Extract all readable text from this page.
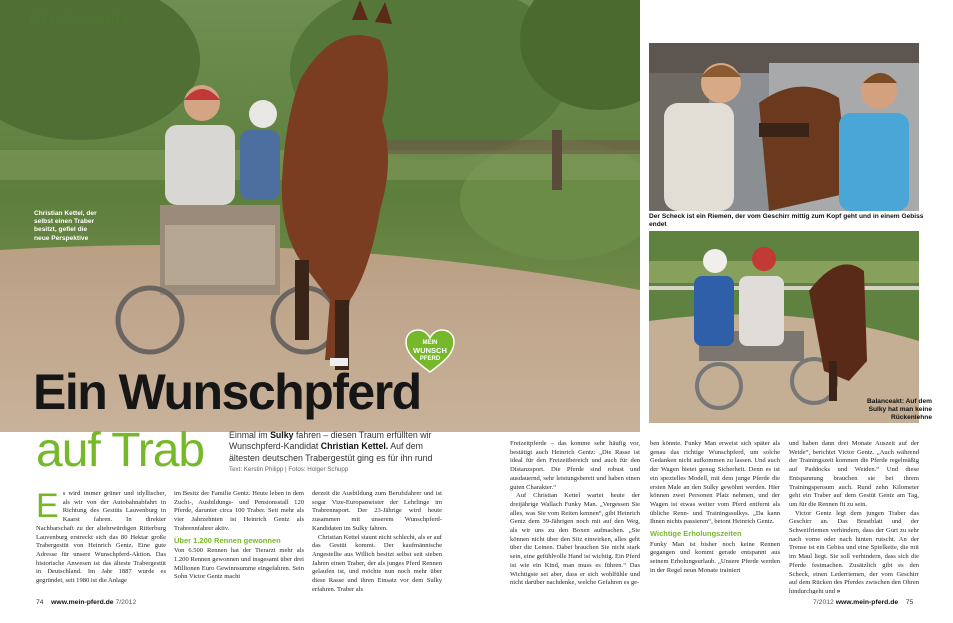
PFERDEMENSCHEN
Christian Kettel, der selbst einen Traber besitzt, gefiel die neue Perspektive
Der Scheck ist ein Riemen, der vom Geschirr mittig zum Kopf geht und in einem Gebiss endet
Balanceakt: Auf dem Sulky hat man keine Rückenlehne
MEIN
WUNSCH
PFERD
Ein Wunschpferd
auf Trab	Einmal im Sulky fahren – diesen Traum erfüllten wir Wunschpferd-Kandidat Christian Kettel. Auf dem ältesten deutschen Trabergestüt ging es für ihn rund
Text: Kerstin Philipp | Fotos: Holger Schupp
E s wird immer grüner und idyllischer, als wir von der Autobahnabfahrt in Richtung des Gestüts Lauvenburg in Kaarst fahren. In direkter Nachbarschaft zu der altehrwürdigen Ritterburg Lauvenburg erstreckt sich das 80 Hektar große Trabergestüt von Heinrich Gentz. Eine gute Adresse für unsere Wunschpferd-Aktion. Das historische Anwesen ist das älteste Trabergestüt in Deutschland. Im Jahr 1887 wurde es gegründet, seit 1980 ist die Anlage

im Besitz der Familie Gentz. Heute leben in dem Zucht-, Ausbildungs- und Pensionsstall 120 Pferde, darunter circa 100 Traber. Seit mehr als vier Jahrzehnten ist Heinrich Gentz als Trabrennfahrer aktiv.

Über 1.200 Rennen gewonnen

Von 6.500 Rennen hat der Tierarzt mehr als 1.200 Rennen gewonnen und insgesamt über drei Millionen Euro Gewinnsumme eingefahren. Sein Sohn Victor Gentz macht

derzeit die Ausbildung zum Berufsfahrer und ist sogar Vize-Europameister der Lehrlinge im Trabrennsport. Der 23-Jährige wird heute zusammen mit unserem Wunschpferd-Kandidaten im Sulky fahren.

Christian Kettel staunt nicht schlecht, als er auf das Gestüt kommt. Der kaufmännische Angestellte aus Willich besitzt selbst seit sieben Jahren einen Traber, der als junges Pferd Rennen gelaufen ist, und möchte nun noch mehr über diese Rasse und ihren Einsatz vor dem Sulky erfahren. Traber als

Freizeitpferde – das komme sehr häufig vor, bestätigt auch Heinrich Gentz: „Die Rasse ist ideal für den Freizeitbereich und auch für den Distanzsport. Die Pferde sind robust und ausdauernd, sehr leistungsbereit und haben einen guten Charakter.“

Auf Christian Kettel wartet heute der dreijährige Wallach Funky Man. „Vergessen Sie alles, was Sie vom Reiten kennen“, gibt Heinrich Gentz dem 39-Jährigen noch mit auf den Weg, als wir uns zu den Boxen aufmachen. „Sie können nicht über den Sitz einwirken, alles geht über die Leinen. Dabei brauchen Sie nicht stark sein, eine gefühlvolle Hand ist wichtig. Ein Pferd ist wie ein Kind, man muss es führen.“ Das Wichtigste sei aber, dass er sich wohlfühle und nicht darüber nachdenke, welche Gefahren es ge-

ben könnte. Funky Man erweist sich später als genau das richtige Wunschpferd, um solche Gedanken nicht aufkommen zu lassen. Und auch der Wagen bietet genug Sicherheit. Denn es ist ein spezielles Modell, mit dem junge Pferde die ersten Male an den Sulky gewöhnt werden. Hier können zwei Personen Platz nehmen, und der Wagen ist etwas weiter vom Pferd entfernt als übliche Renn- und Trainingssulkys. „Da kann Ihnen nichts passieren“, betont Heinrich Gentz.

Wichtige Erholungszeiten

Funky Man ist bisher noch keine Rennen gegangen und kommt gerade entspannt aus seinem Erholungsurlaub. „Unsere Pferde werden in der Regel neun Monate trainiert

und haben dann drei Monate Auszeit auf der Weide“, berichtet Victor Gentz. „Auch während der Trainingszeit kommen die Pferde regelmäßig auf Paddocks und Weiden.“ Und diese Entspannung brauchen sie bei ihrem Trainingspensum auch. Rund zehn Kilometer geht ein Traber auf dem Gestüt Gentz am Tag, um für die Rennen fit zu sein.

Victor Gentz legt dem jungen Traber das Geschirr an. Das Brustblatt und der Schweifriemen verhindern, dass der Gurt zu sehr nach vorne oder nach hinten rutscht. An der Trense ist ein Gebiss und eine Spielkette, die mit im Maul liegt. Sie soll verhindern, dass sich die Pferde festmachen. Zusätzlich gibt es den Scheck, einen Lederriemen, der vom Geschirr auf dem Rücken des Pferdes zwischen den Ohren hindurchgeht und »

74 www.mein-pferd.de 7/2012	7/2012 www.mein-pferd.de 75
